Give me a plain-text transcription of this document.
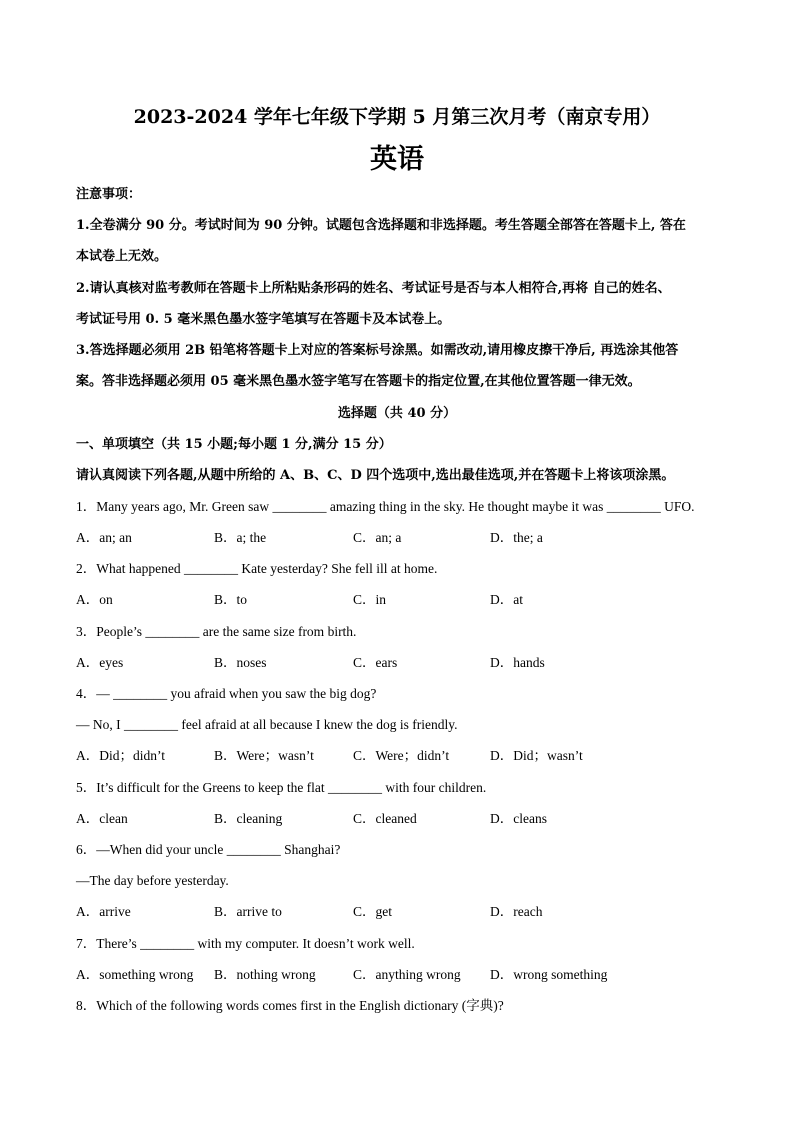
2023-2024 学年七年级下学期 5 月第三次月考（南京专用）
英语
注意事项：
1.全卷满分 90 分。考试时间为 90 分钟。试题包含选择题和非选择题。考生答题全部答在答题卡上, 答在
本试卷上无效。
2.请认真核对监考教师在答题卡上所粘贴条形码的姓名、考试证号是否与本人相符合,再将 自己的姓名、
考试证号用 0. 5 毫米黑色墨水签字笔填写在答题卡及本试卷上。
3.答选择题必须用 2B 铅笔将答题卡上对应的答案标号涂黑。如需改动,请用橡皮擦干净后, 再选涂其他答
案。答非选择题必须用 05 毫米黑色墨水签字笔写在答题卡的指定位置,在其他位置答题一律无效。
选择题（共 40 分）
一、单项填空（共 15 小题;每小题 1 分,满分 15 分）
请认真阅读下列各题,从题中所给的 A、B、C、D 四个选项中,选出最佳选项,并在答题卡上将该项涂黑。
1．Many years ago, Mr. Green saw ________ amazing thing in the sky. He thought maybe it was ________ UFO.
A．an; an	B．a; the	C．an; a	D．the; a
2．What happened ________ Kate yesterday? She fell ill at home.
A．on	B．to	C．in	D．at
3．People’s ________ are the same size from birth.
A．eyes	B．noses	C．ears	D．hands
4．— ________ you afraid when you saw the big dog?
— No, I ________ feel afraid at all because I knew the dog is friendly.
A．Did；didn’t	B．Were；wasn’t	C．Were；didn’t	D．Did；wasn’t
5．It’s difficult for the Greens to keep the flat ________ with four children.
A．clean	B．cleaning	C．cleaned	D．cleans
6．—When did your uncle ________ Shanghai?
—The day before yesterday.
A．arrive	B．arrive to	C．get	D．reach
7．There’s ________ with my computer. It doesn’t work well.
A．something wrong B．nothing wrong	C．anything wrong D．wrong something
8．Which of the following words comes first in the English dictionary (字典)?
